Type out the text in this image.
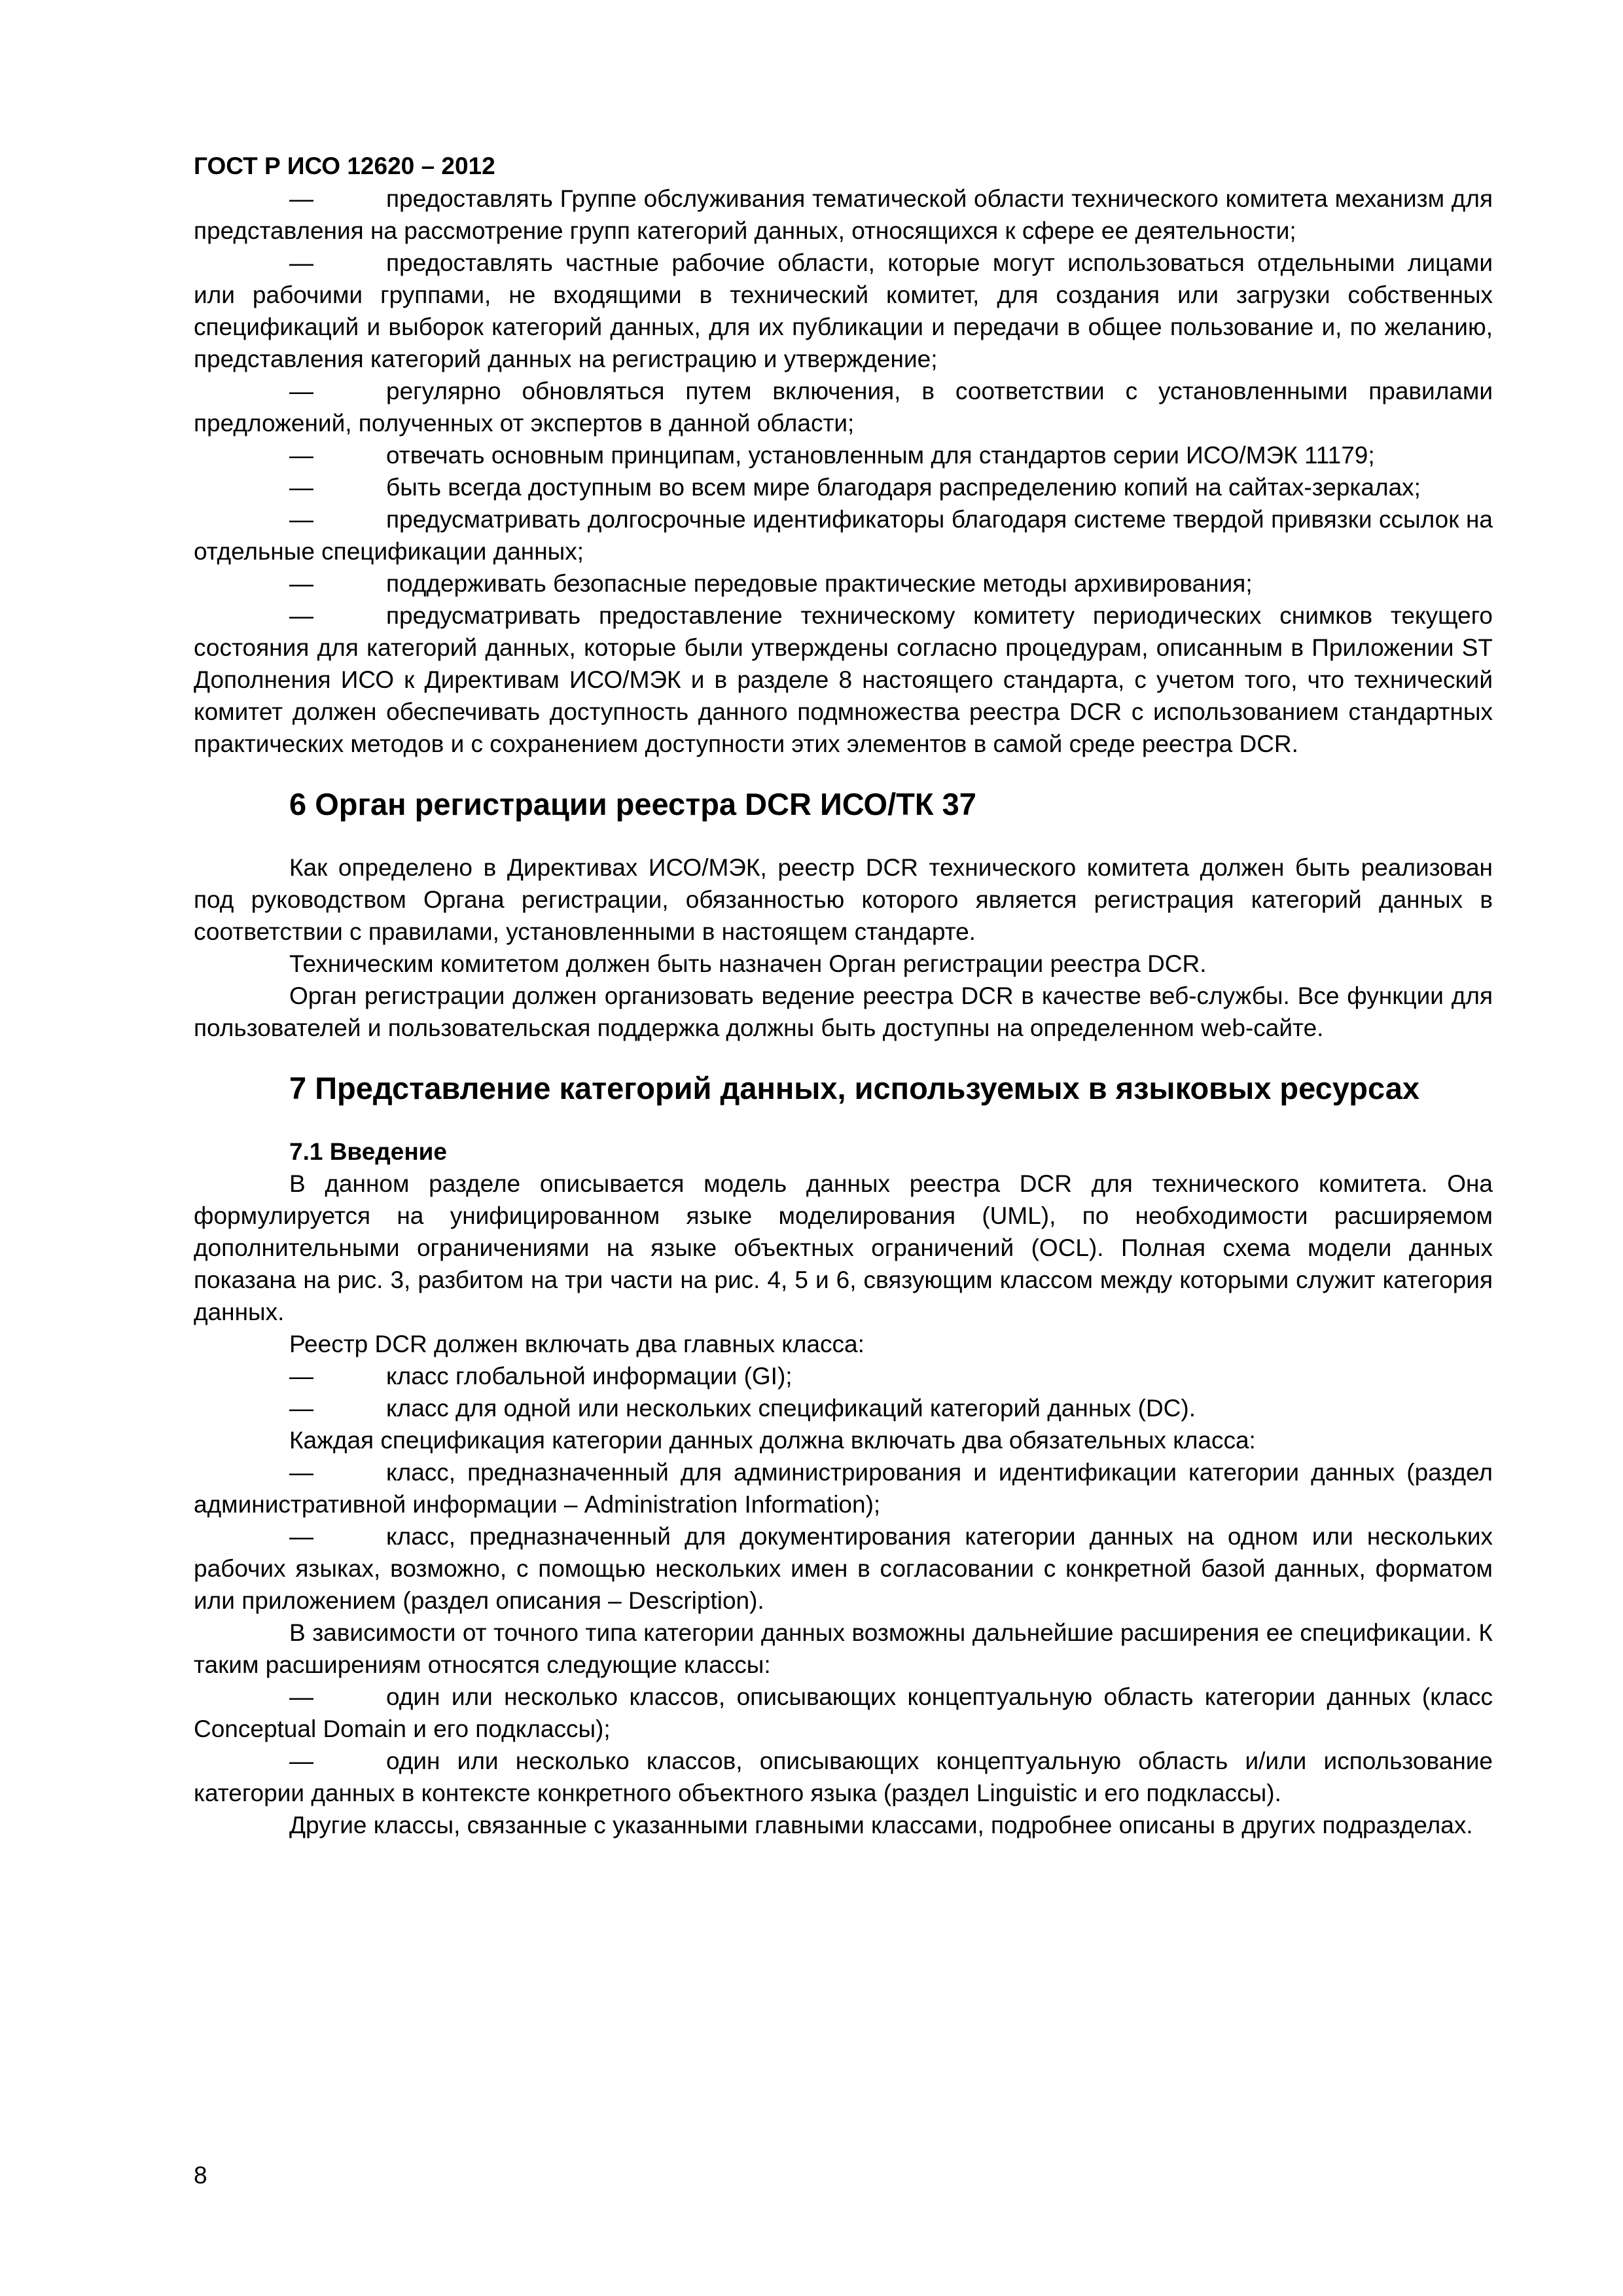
ГОСТ Р ИСО 12620 – 2012

—	предоставлять Группе обслуживания тематической области технического комитета механизм для представления на рассмотрение групп категорий данных, относящихся к сфере ее деятельности;

—	предоставлять частные рабочие области, которые могут использоваться отдельными лицами или рабочими группами, не входящими в технический комитет, для создания или загрузки собственных спецификаций и выборок категорий данных, для их публикации и передачи в общее пользование и, по желанию, представления категорий данных на регистрацию и утверждение;

—	регулярно обновляться путем включения, в соответствии с установленными правилами предложений, полученных от экспертов в данной области;

—	отвечать основным принципам, установленным для стандартов серии ИСО/МЭК 11179;

—	быть всегда доступным во всем мире благодаря распределению копий на сайтах-зеркалах;

—	предусматривать долгосрочные идентификаторы благодаря системе твердой привязки ссылок на отдельные спецификации данных;

—	поддерживать безопасные передовые практические методы архивирования;

—	предусматривать предоставление техническому комитету периодических снимков текущего состояния для категорий данных, которые были утверждены согласно процедурам, описанным в Приложении ST Дополнения ИСО к Директивам ИСО/МЭК и в разделе 8 настоящего стандарта, с учетом того, что технический комитет должен обеспечивать доступность данного подмножества реестра DCR с использованием стандартных практических методов и с сохранением доступности этих элементов в самой среде реестра DCR.

6 Орган регистрации реестра DCR ИСО/ТК 37

Как определено в Директивах ИСО/МЭК, реестр DCR технического комитета должен быть реализован под руководством Органа регистрации, обязанностью которого является регистрация категорий данных в соответствии с правилами, установленными в настоящем стандарте.

Техническим комитетом должен быть назначен Орган регистрации реестра DCR.

Орган регистрации должен организовать ведение реестра DCR в качестве веб-службы. Все функции для пользователей и пользовательская поддержка должны быть доступны на определенном web-сайте.

7 Представление категорий данных, используемых в языковых ресурсах
7.1 Введение

В данном разделе описывается модель данных реестра DCR для технического комитета. Она формулируется на унифицированном языке моделирования (UML), по необходимости расширяемом дополнительными ограничениями на языке объектных ограничений (OCL). Полная схема модели данных показана на рис. 3, разбитом на три части на рис. 4, 5 и 6, связующим классом между которыми служит категория данных.

Реестр DCR должен включать два главных класса:

—	класс глобальной информации (GI);

—	класс для одной или нескольких спецификаций категорий данных (DC).

Каждая спецификация категории данных должна включать два обязательных класса:

—	класс, предназначенный для администрирования и идентификации категории данных (раздел административной информации – Administration Information);

—	класс, предназначенный для документирования категории данных на одном или нескольких рабочих языках, возможно, с помощью нескольких имен в согласовании с конкретной базой данных, форматом или приложением (раздел описания – Description).

В зависимости от точного типа категории данных возможны дальнейшие расширения ее спецификации. К таким расширениям относятся следующие классы:

—	один или несколько классов, описывающих концептуальную область категории данных (класс Conceptual Domain и его подклассы);

—	один или несколько классов, описывающих концептуальную область и/или использование категории данных в контексте конкретного объектного языка (раздел Linguistic и его подклассы).

Другие классы, связанные с указанными главными классами, подробнее описаны в других подразделах.

8
